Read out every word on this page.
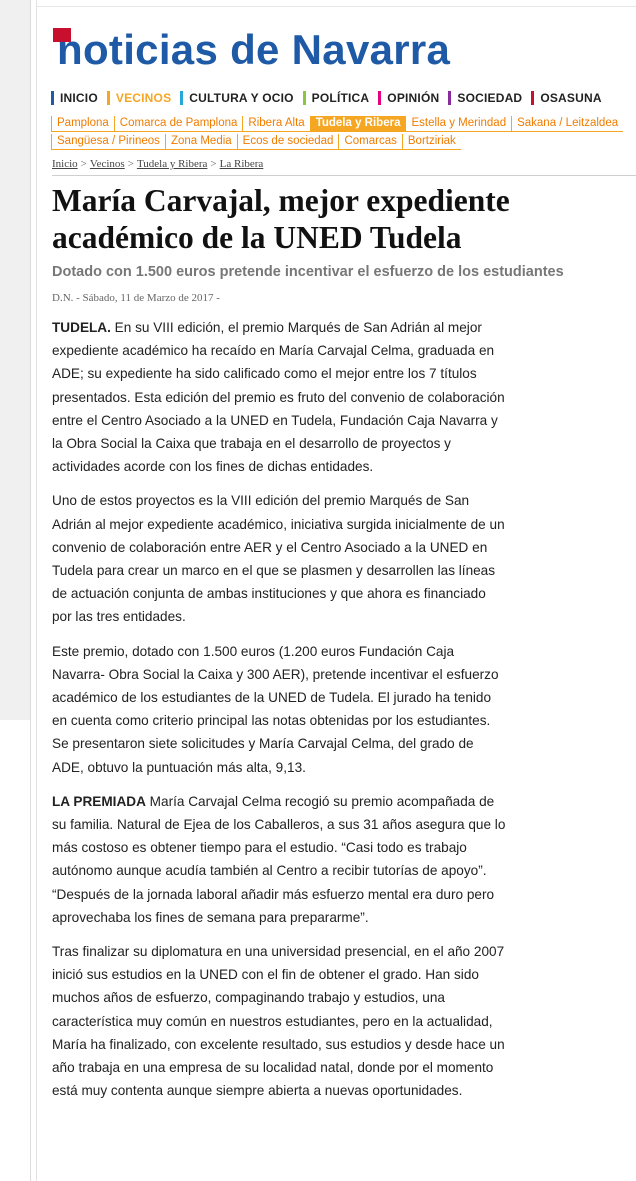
noticias de Navarra
INICIO VECINOS CULTURA Y OCIO POLÍTICA OPINIÓN SOCIEDAD OSASUNA
Pamplona Comarca de Pamplona Ribera Alta Tudela y Ribera Estella y Merindad Sakana / Leitzaldea
Sangüesa / Pirineos Zona Media Ecos de sociedad Comarcas Bortziriak
Inicio > Vecinos > Tudela y Ribera > La Ribera
María Carvajal, mejor expediente académico de la UNED Tudela
Dotado con 1.500 euros pretende incentivar el esfuerzo de los estudiantes
D.N. - Sábado, 11 de Marzo de 2017 -

TUDELA. En su VIII edición, el premio Marqués de San Adrián al mejor expediente académico ha recaído en María Carvajal Celma, graduada en ADE; su expediente ha sido calificado como el mejor entre los 7 títulos presentados. Esta edición del premio es fruto del convenio de colaboración entre el Centro Asociado a la UNED en Tudela, Fundación Caja Navarra y la Obra Social la Caixa que trabaja en el desarrollo de proyectos y actividades acorde con los fines de dichas entidades.

Uno de estos proyectos es la VIII edición del premio Marqués de San Adrián al mejor expediente académico, iniciativa surgida inicialmente de un convenio de colaboración entre AER y el Centro Asociado a la UNED en Tudela para crear un marco en el que se plasmen y desarrollen las líneas de actuación conjunta de ambas instituciones y que ahora es financiado por las tres entidades.

Este premio, dotado con 1.500 euros (1.200 euros Fundación Caja Navarra- Obra Social la Caixa y 300 AER), pretende incentivar el esfuerzo académico de los estudiantes de la UNED de Tudela. El jurado ha tenido en cuenta como criterio principal las notas obtenidas por los estudiantes. Se presentaron siete solicitudes y María Carvajal Celma, del grado de ADE, obtuvo la puntuación más alta, 9,13.

LA PREMIADA María Carvajal Celma recogió su premio acompañada de su familia. Natural de Ejea de los Caballeros, a sus 31 años asegura que lo más costoso es obtener tiempo para el estudio. “Casi todo es trabajo autónomo aunque acudía también al Centro a recibir tutorías de apoyo”. “Después de la jornada laboral añadir más esfuerzo mental era duro pero aprovechaba los fines de semana para prepararme”.

Tras finalizar su diplomatura en una universidad presencial, en el año 2007 inició sus estudios en la UNED con el fin de obtener el grado. Han sido muchos años de esfuerzo, compaginando trabajo y estudios, una característica muy común en nuestros estudiantes, pero en la actualidad, María ha finalizado, con excelente resultado, sus estudios y desde hace un año trabaja en una empresa de su localidad natal, donde por el momento está muy contenta aunque siempre abierta a nuevas oportunidades.
